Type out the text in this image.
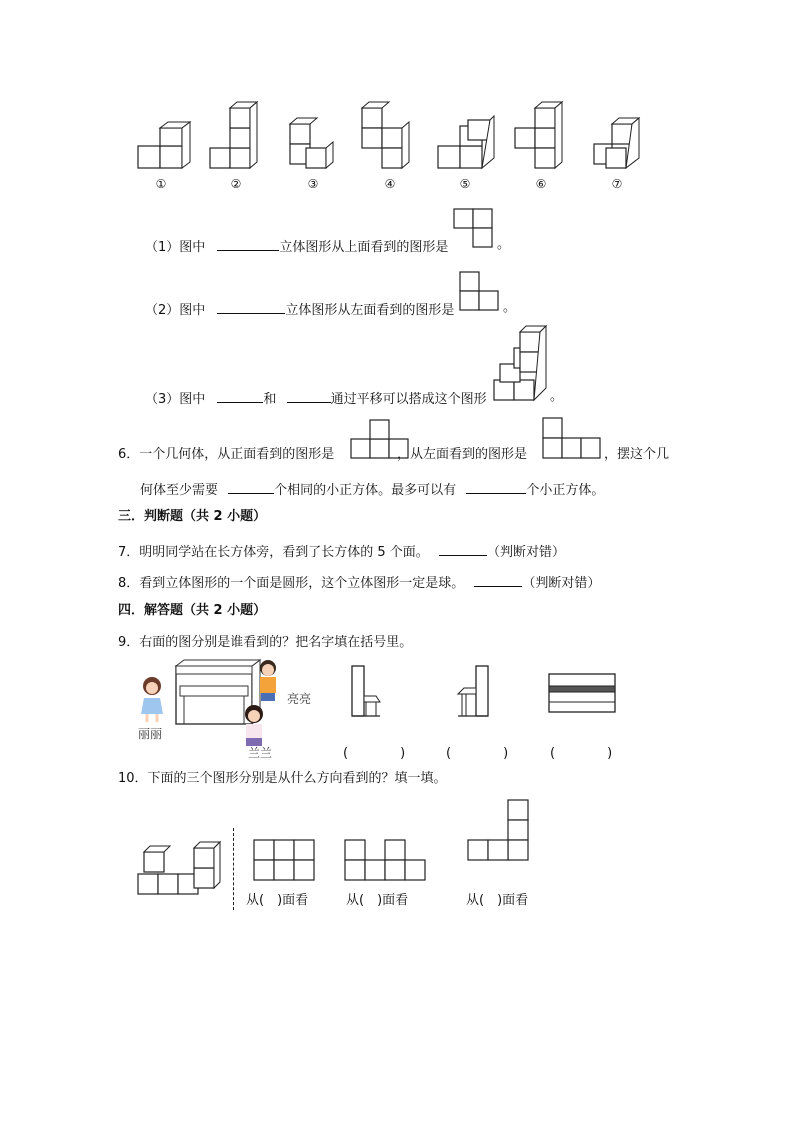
①	②	③	④	⑤	⑥	⑦
（1）图中	立体图形从上面看到的图形是	。
（2）图中	立体图形从左面看到的图形是	。
（3）图中	和	通过平移可以搭成这个图形	。
6．一个几何体，从正面看到的图形是	，从左面看到的图形是	，摆这个几
何体至少需要	个相同的小正方体。最多可以有	个小正方体。
三．判断题（共 2 小题）
7．明明同学站在长方体旁，看到了长方体的 5 个面。	（判断对错）
8．看到立体图形的一个面是圆形，这个立体图形一定是球。	（判断对错）
四．解答题（共 2 小题）
9．右面的图分别是谁看到的？把名字填在括号里。
亮亮
丽丽
兰兰	(　　　　)	(　　　　)	(　　　　)
10．下面的三个图形分别是从什么方向看到的？填一填。
从(　)面看	从(　)面看	从(　)面看
